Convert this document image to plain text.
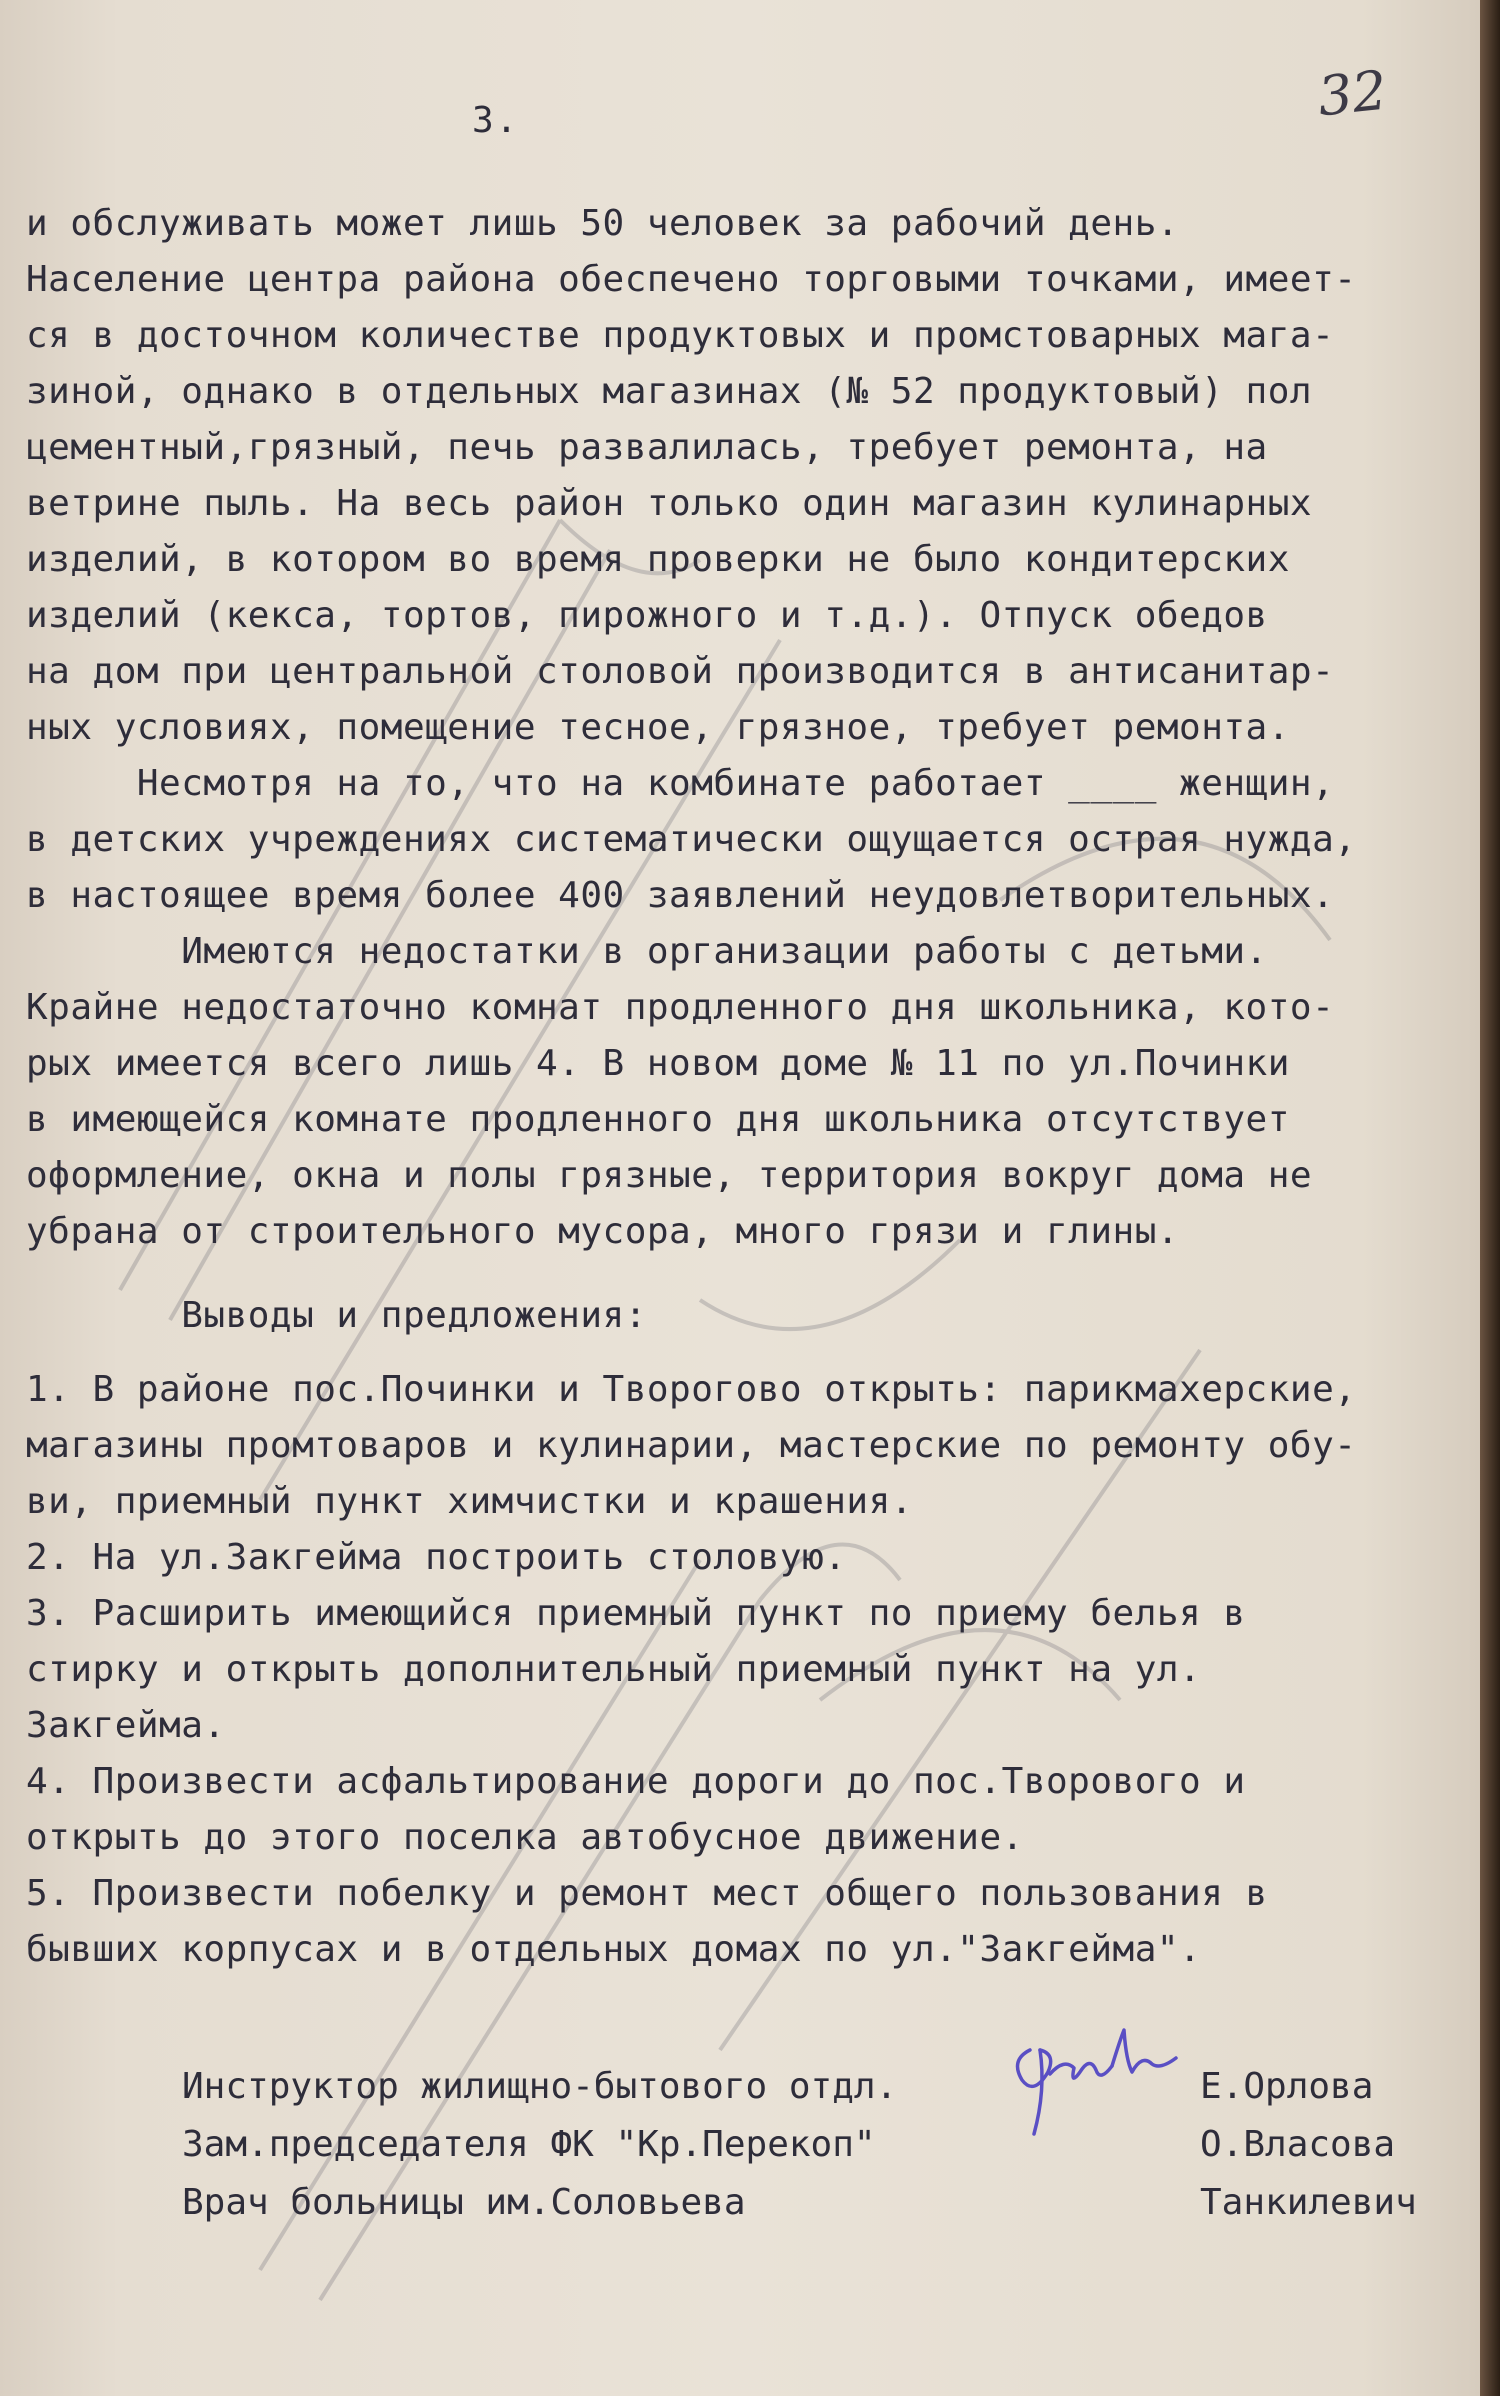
3.	32
и обслуживать может лишь 50 человек за рабочий день.
Население центра района обеспечено торговыми точками, имеет-
ся в досточном количестве продуктовых и промстоварных мага-
зиной, однако в отдельных магазинах (№ 52 продуктовый) пол
цементный,грязный, печь развалилась, требует ремонта, на
ветрине пыль. На весь район только один магазин кулинарных
изделий, в котором во время проверки не было кондитерских
изделий (кекса, тортов, пирожного и т.д.). Отпуск обедов
на дом при центральной столовой производится в антисанитар-
ных условиях, помещение тесное, грязное, требует ремонта.
Несмотря на то, что на комбинате работает ____ женщин,
в детских учреждениях систематически ощущается острая нужда,
в настоящее время более 400 заявлений неудовлетворительных.
Имеются недостатки в организации работы с детьми.
Крайне недостаточно комнат продленного дня школьника, кото-
рых имеется всего лишь 4. В новом доме № 11 по ул.Починки
в имеющейся комнате продленного дня школьника отсутствует
оформление, окна и полы грязные, территория вокруг дома не
убрана от строительного мусора, много грязи и глины.
Выводы и предложения:
1. В районе пос.Починки и Творогово открыть: парикмахерские,
магазины промтоваров и кулинарии, мастерские по ремонту обу-
ви, приемный пункт химчистки и крашения.
2. На ул.Закгейма построить столовую.
3. Расширить имеющийся приемный пункт по приему белья в
стирку и открыть дополнительный приемный пункт на ул.
Закгейма.
4. Произвести асфальтирование дороги до пос.Творового и
открыть до этого поселка автобусное движение.
5. Произвести побелку и ремонт мест общего пользования в
бывших корпусах и в отдельных домах по ул."Закгейма".
Инструктор жилищно-бытового отдл.	Е.Орлова
Зам.председателя ФК "Кр.Перекоп"	О.Власова
Врач больницы им.Соловьева	Танкилевич
